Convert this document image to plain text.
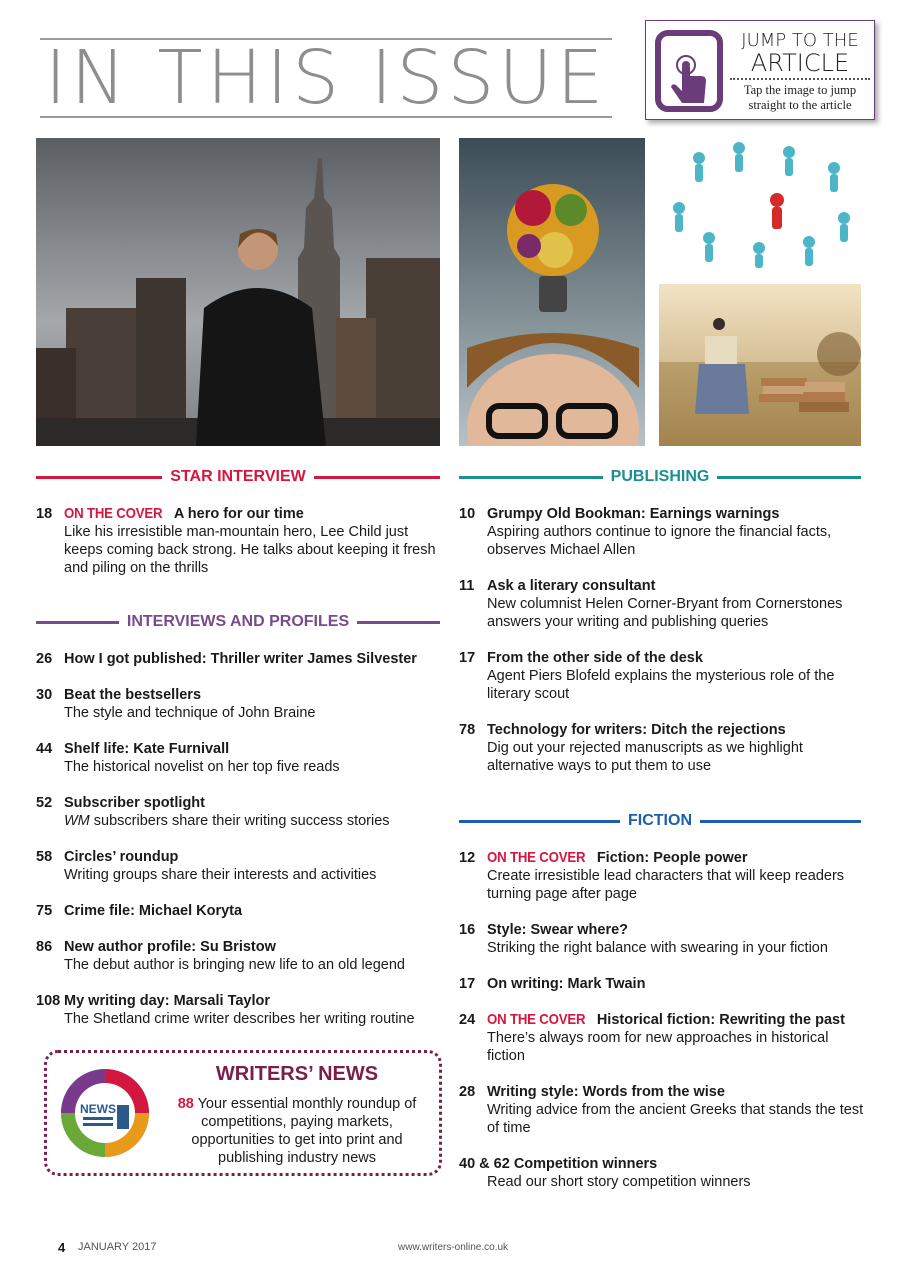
IN THIS ISSUE	JUMP TO THE
ARTICLE
Tap the image to jump straight to the article
STAR INTERVIEW
INTERVIEWS AND PROFILES
PUBLISHING
FICTION
18 ON THE COVER A hero for our time
Like his irresistible man-mountain hero, Lee Child just keeps coming back strong. He talks about keeping it fresh and piling on the thrills
26 How I got published: Thriller writer James Silvester
30 Beat the bestsellers
The style and technique of John Braine
44 Shelf life: Kate Furnivall
The historical novelist on her top five reads
52 Subscriber spotlight
WM subscribers share their writing success stories
58 Circles’ roundup
Writing groups share their interests and activities
75 Crime file: Michael Koryta
86 New author profile: Su Bristow
The debut author is bringing new life to an old legend
108 My writing day: Marsali Taylor
The Shetland crime writer describes her writing routine
NEWS
WRITERS’ NEWS
88 Your essential monthly roundup of competitions, paying markets, opportunities to get into print and publishing industry news
10 Grumpy Old Bookman: Earnings warnings
Aspiring authors continue to ignore the financial facts, observes Michael Allen
11 Ask a literary consultant
New columnist Helen Corner-Bryant from Cornerstones answers your writing and publishing queries
17 From the other side of the desk
Agent Piers Blofeld explains the mysterious role of the literary scout
78 Technology for writers: Ditch the rejections
Dig out your rejected manuscripts as we highlight alternative ways to put them to use
12 ON THE COVER Fiction: People power
Create irresistible lead characters that will keep readers turning page after page
16 Style: Swear where?
Striking the right balance with swearing in your fiction
17 On writing: Mark Twain
24 ON THE COVER Historical fiction: Rewriting the past
There’s always room for new approaches in historical fiction
28 Writing style: Words from the wise
Writing advice from the ancient Greeks that stands the test of time
40 & 62 Competition winners
Read our short story competition winners
4 JANUARY 2017	www.writers-online.co.uk
